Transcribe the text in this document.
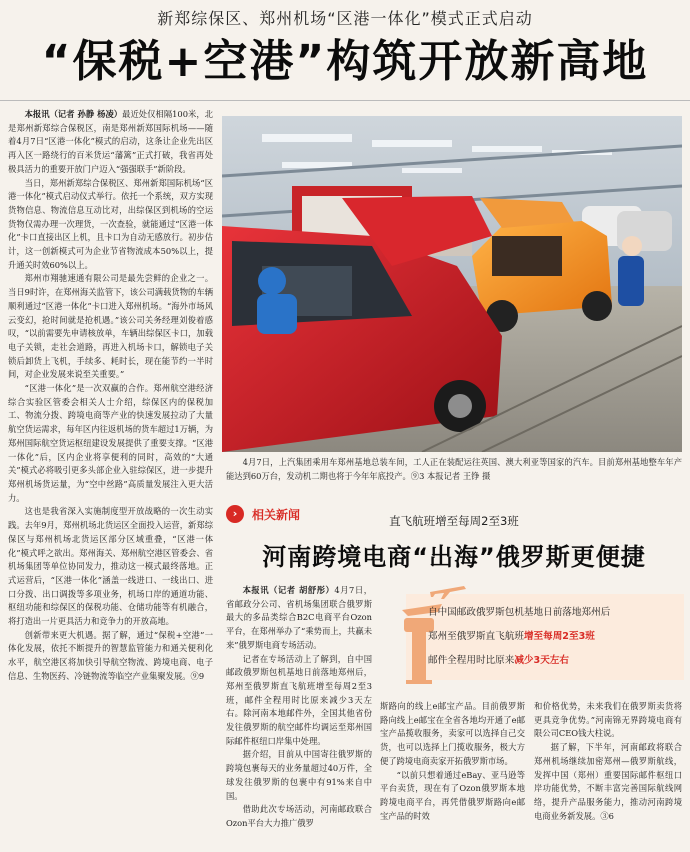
新郑综保区、郑州机场“区港一体化”模式正式启动
“保税+空港”构筑开放新高地

本报讯（记者 孙静 杨凌）最近处仅相隔100米，北是郑州新郑综合保税区，南是郑州新郑国际机场——随着4月7日“区港一体化”模式的启动，这条让企业先出区再入区一路绕行的百米货运“藩篱”正式打破，我省再处极具活力的重要开放门户迈入“强强联手”新阶段。

当日，郑州新郑综合保税区、郑州新郑国际机场“区港一体化”模式启动仪式举行。依托一个系统，双方实现货物信息、物流信息互动比对，出综保区到机场的空运货物仅需办理一次理货，一次查验，就能通过“区港一体化”卡口直接出区上机，且卡口为自动无感放行。初步估计，这一创新模式可为企业节省物流成本50%以上，提升通关时效60%以上。

郑州市翔驰速通有限公司是最先尝鲜的企业之一。当日9时许，在郑州海关监管下，该公司满载货物的车辆顺利通过“区港一体化”卡口进入郑州机场。“海外市场风云变幻，抢时间就是抢机遇。”该公司关务经理刘俊着感叹，“以前需要先申请核放单，车辆出综保区卡口，加载电子关锁，走社会道路，再进入机场卡口，解锁电子关锁后卸货上飞机，手续多、耗时长，现在能节约一半时间，对企业发展来说至关重要。”

“区港一体化”是一次双赢的合作。郑州航空港经济综合实验区管委会相关人士介绍，综保区内的保税加工、物流分拨、跨境电商等产业的快速发展拉动了大量航空货运需求，每年区内往返机场的货车超过1万辆，为郑州国际航空货运枢纽建设发展提供了重要支撑。“区港一体化”后，区内企业将享便利的同时，高效的“大通关”模式必将吸引更多头部企业入驻综保区，进一步提升郑州机场货运量，为“空中丝路”高质量发展注入更大活力。

这也是我省深入实施制度型开放战略的一次生动实践。去年9月，郑州机场北货运区全面投入运营，新郑综保区与郑州机场北货运区部分区域重叠，“区港一体化”模式呼之欲出。郑州海关、郑州航空港区管委会、省机场集团等单位协同发力，推动这一模式最终落地。正式运营后，“区港一体化”涵盖一线进口、一线出口、进口分拨、出口调拨等多项业务，机场口岸的通道功能、枢纽功能和综保区的保税功能、仓储功能等有机融合，将打造出一片更具活力和竞争力的开放高地。

创新带来更大机遇。据了解，通过“保税+空港”一体化发展，依托不断提升的智慧监管能力和通关便利化水平，航空港区将加快引导航空物流、跨境电商、电子信息、生物医药、冷链物流等临空产业集聚发展。⑨9

4月7日，上汽集团乘用车郑州基地总装车间，工人正在装配运往英国、澳大利亚等国家的汽车。目前郑州基地整车年产能达到60万台，发动机二期也将于今年年底投产。⑨3 本报记者 王铮 摄
›	相关新闻	直飞航班增至每周2至3班
河南跨境电商“出海”俄罗斯更便捷
自中国邮政俄罗斯包机基地日前落地郑州后
郑州至俄罗斯直飞航班增至每周2至3班
邮件全程用时比原来减少3天左右

本报讯（记者 胡舒彤）4月7日，省邮政分公司、省机场集团联合俄罗斯最大的多品类综合B2C电商平台Ozon平台，在郑州举办了“乘势而上，共赢未来”俄罗斯电商专场活动。

记者在专场活动上了解到，自中国邮政俄罗斯包机基地日前落地郑州后，郑州至俄罗斯直飞航班增至每周2至3班，邮件全程用时比原来减少3天左右。除河南本地邮件外，全国其他省份发往俄罗斯的航空邮件均调运至郑州国际邮件枢纽口岸集中处理。

据介绍，目前从中国寄往俄罗斯的跨境包裹每天的业务量超过40万件，全球发往俄罗斯的包裹中有91%来自中国。

借助此次专场活动，河南邮政联合Ozon平台大力推广俄罗

斯路向的线上e邮宝产品。目前俄罗斯路向线上e邮宝在全省各地均开通了e邮宝产品揽收服务，卖家可以选择自己交货，也可以选择上门揽收服务，极大方便了跨境电商卖家开拓俄罗斯市场。

“以前只想着通过eBay、亚马逊等平台卖货，现在有了Ozon俄罗斯本地跨境电商平台，再凭借俄罗斯路向e邮宝产品的时效

和价格优势，未来我们在俄罗斯卖货将更具竞争优势。”河南锦无界跨境电商有限公司CEO钱大柱说。

据了解，下半年，河南邮政将联合郑州机场继续加密郑州—俄罗斯航线，发挥中国（郑州）重要国际邮件枢纽口岸功能优势，不断丰富完善国际航线网络，提升产品服务能力，推动河南跨境电商业务新发展。③6
